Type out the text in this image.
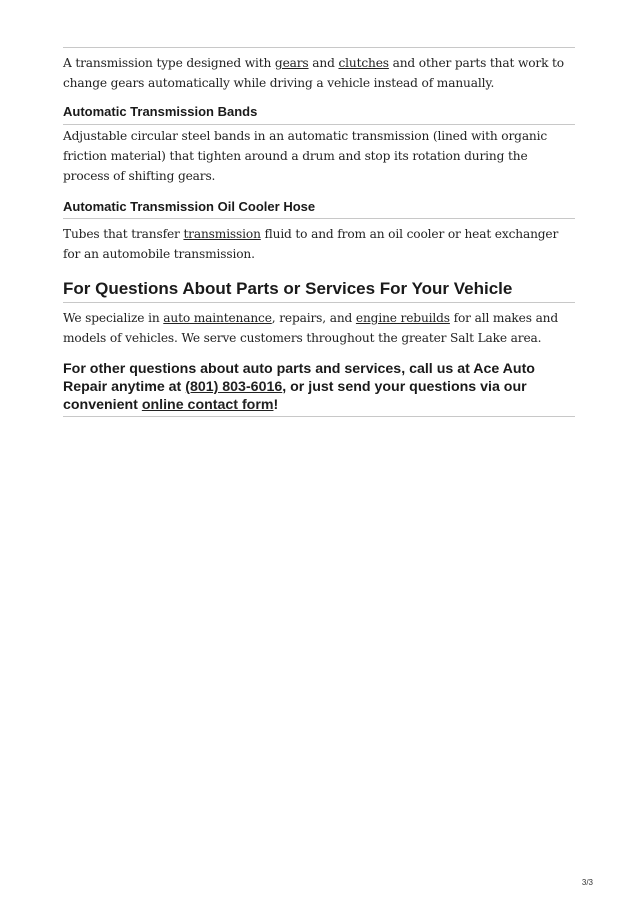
A transmission type designed with gears and clutches and other parts that work to change gears automatically while driving a vehicle instead of manually.

Automatic Transmission Bands

Adjustable circular steel bands in an automatic transmission (lined with organic friction material) that tighten around a drum and stop its rotation during the process of shifting gears.

Automatic Transmission Oil Cooler Hose

Tubes that transfer transmission fluid to and from an oil cooler or heat exchanger for an automobile transmission.

For Questions About Parts or Services For Your Vehicle

We specialize in auto maintenance, repairs, and engine rebuilds for all makes and models of vehicles. We serve customers throughout the greater Salt Lake area.

For other questions about auto parts and services, call us at Ace Auto Repair anytime at (801) 803-6016, or just send your questions via our convenient online contact form!

3/3
